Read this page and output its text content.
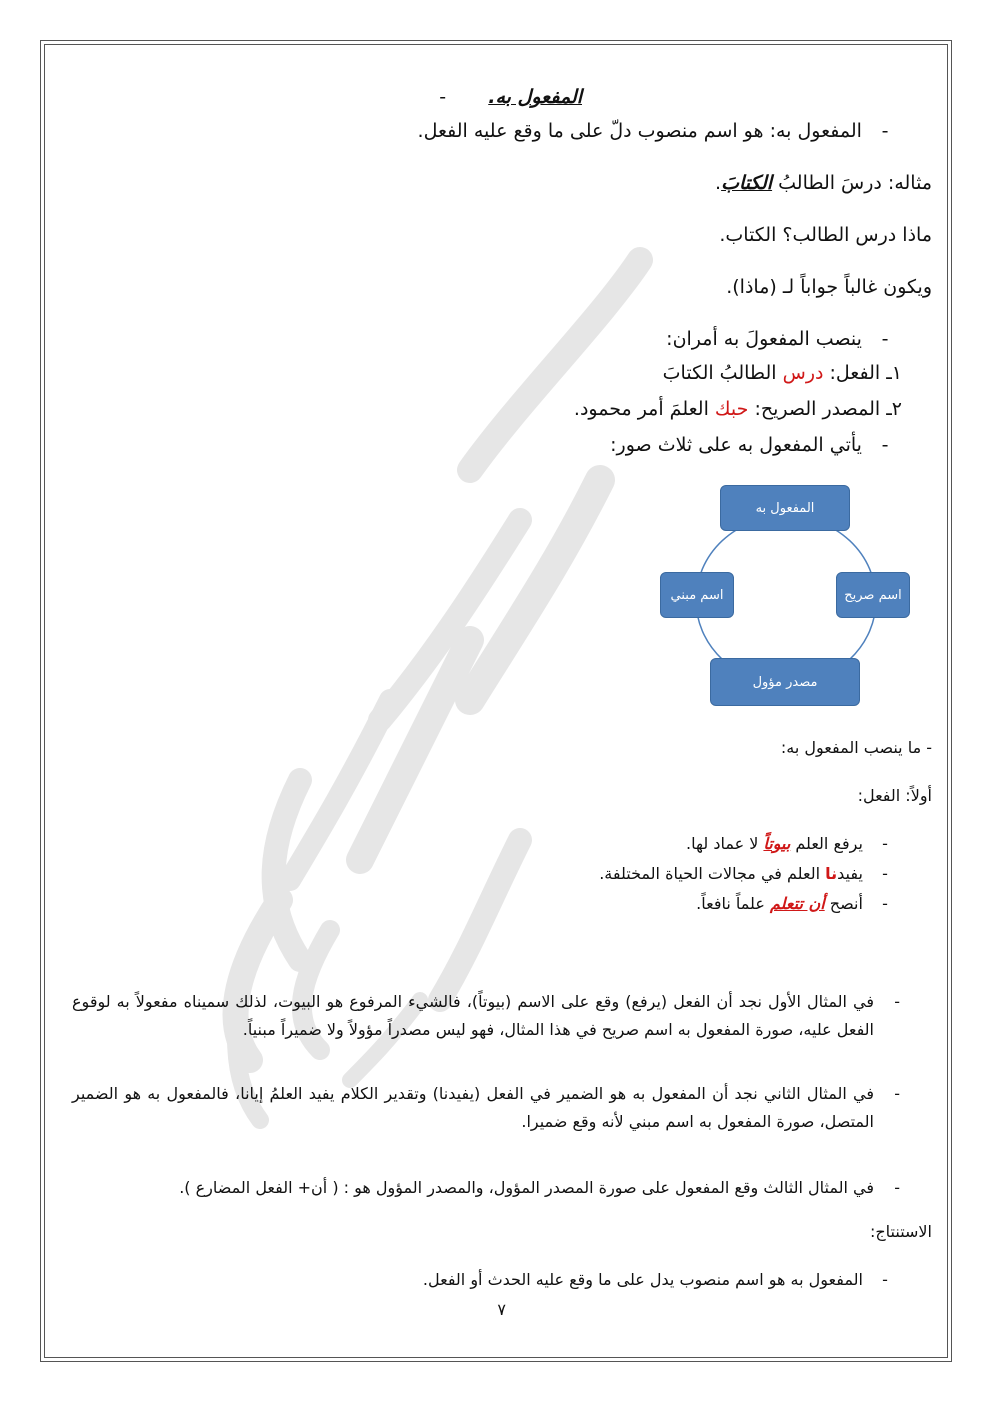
المفعول به.  -
- المفعول به: هو اسم منصوب دلّ على ما وقع عليه الفعل.
مثاله: درسَ الطالبُ الكتابَ.
ماذا درس الطالب؟ الكتاب.
ويكون غالباً جواباً لـ (ماذا).
- ينصب المفعولَ به أمران:
١ـ الفعل: درس الطالبُ الكتابَ
٢ـ المصدر الصريح: حبك العلمَ أمر محمود.
- يأتي المفعول به على ثلاث صور:
المفعول به
اسم صريح
مصدر مؤول
اسم مبني
- ما ينصب المفعول به:
أولاً: الفعل:
- يرفع العلم بيوتاً لا عماد لها.
- يفيدنا العلم في مجالات الحياة المختلفة.
- أنصح أن تتعلم علماً نافعاً.
في المثال الأول نجد أن الفعل (يرفع) وقع على الاسم (بيوتاً)، فالشيء المرفوع هو البيوت، لذلك سميناه مفعولاً به لوقوع الفعل عليه، صورة المفعول به اسم صريح في هذا المثال، فهو ليس مصدراً مؤولاً ولا ضميراً مبنياً.
-
في المثال الثاني نجد أن المفعول به هو الضمير في الفعل (يفيدنا) وتقدير الكلام يفيد العلمُ إيانا، فالمفعول به هو الضمير المتصل، صورة المفعول به اسم مبني لأنه وقع ضميرا.
-
في المثال الثالث وقع المفعول على صورة المصدر المؤول، والمصدر المؤول هو : ( أن+ الفعل المضارع ). -
الاستنتاج:
- المفعول به هو اسم منصوب يدل على ما وقع عليه الحدث أو الفعل.
٧
